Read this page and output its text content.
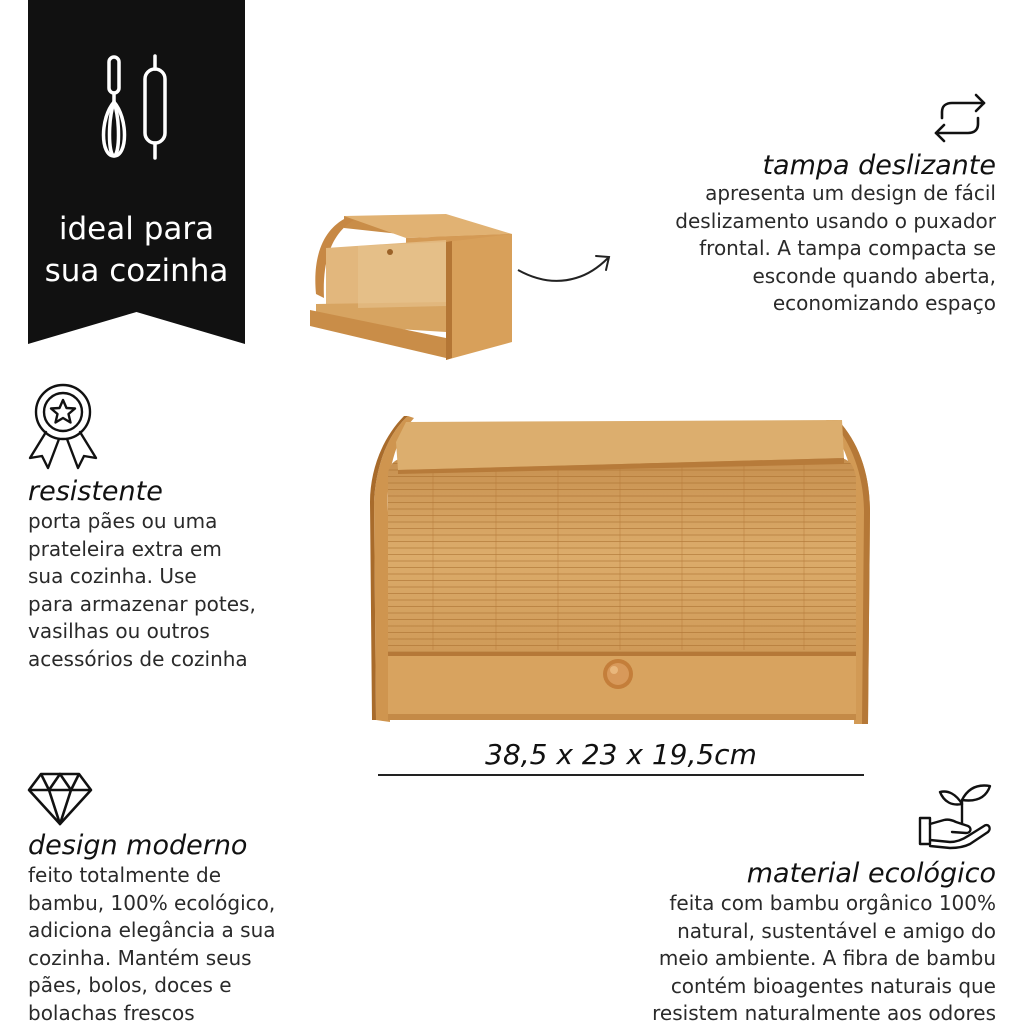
ideal para
sua cozinha
tampa deslizante
apresenta um design de fácil
deslizamento usando o puxador
frontal. A tampa compacta se
esconde quando aberta,
economizando espaço
resistente
porta pães ou uma
prateleira extra em
sua cozinha. Use
para armazenar potes,
vasilhas ou outros
acessórios de cozinha
38,5 x 23 x 19,5cm
design moderno
feito totalmente de
bambu, 100% ecológico,
adiciona elegância a sua
cozinha. Mantém seus
pães, bolos, doces e
bolachas frescos
material ecológico
feita com bambu orgânico 100%
natural, sustentável e amigo do
meio ambiente. A fibra de bambu
contém bioagentes naturais que
resistem naturalmente aos odores
